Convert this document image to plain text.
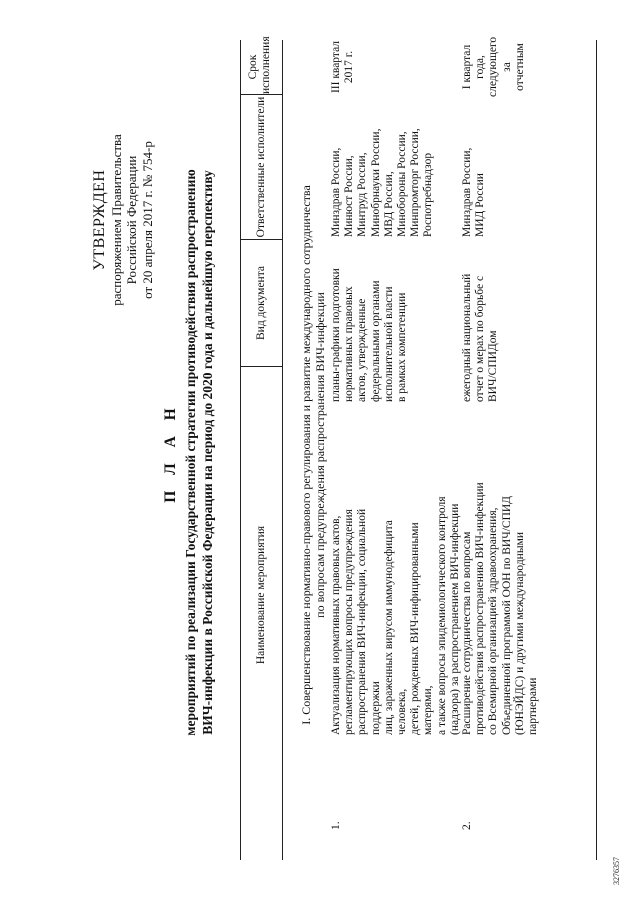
УТВЕРЖДЕН распоряжением Правительства Российской Федерации от 20 апреля 2017 г. № 754-р
П Л А Н мероприятий по реализации Государственной стратегии противодействия распространению ВИЧ-инфекции в Российской Федерации на период до 2020 года и дальнейшую перспективу	Наименование мероприятия
Вид документа
Ответственные исполнители
Срок исполнения
I. Совершенствование нормативно-правового регулирования и развитие международного сотрудничества по вопросам предупреждения распространения ВИЧ-инфекции
1.
Актуализация нормативных правовых актов, регламентирующих вопросы предупреждения распространения ВИЧ-инфекции, социальной поддержки лиц, зараженных вирусом иммунодефицита человека, детей, рожденных ВИЧ-инфицированными матерями, а также вопросы эпидемиологического контроля (надзора) за распространением ВИЧ-инфекции
планы-графики подготовки нормативных правовых актов, утвержденные федеральными органами исполнительной власти в рамках компетенции
Минздрав России, Минюст России, Минтруд России, Минобрнауки России, МВД России, Минобороны России, Минпромторг России, Роспотребнадзор
III квартал 2017 г.
2.
Расширение сотрудничества по вопросам противодействия распространению ВИЧ-инфекции со Всемирной организацией здравоохранения, Объединенной программой ООН по ВИЧ/СПИД (ЮНЭЙДС) и другими международными партнерами
ежегодный национальный отчет о мерах по борьбе с ВИЧ/СПИДом
Минздрав России, МИД России
I квартал года, следующего за отчетным
3276357
